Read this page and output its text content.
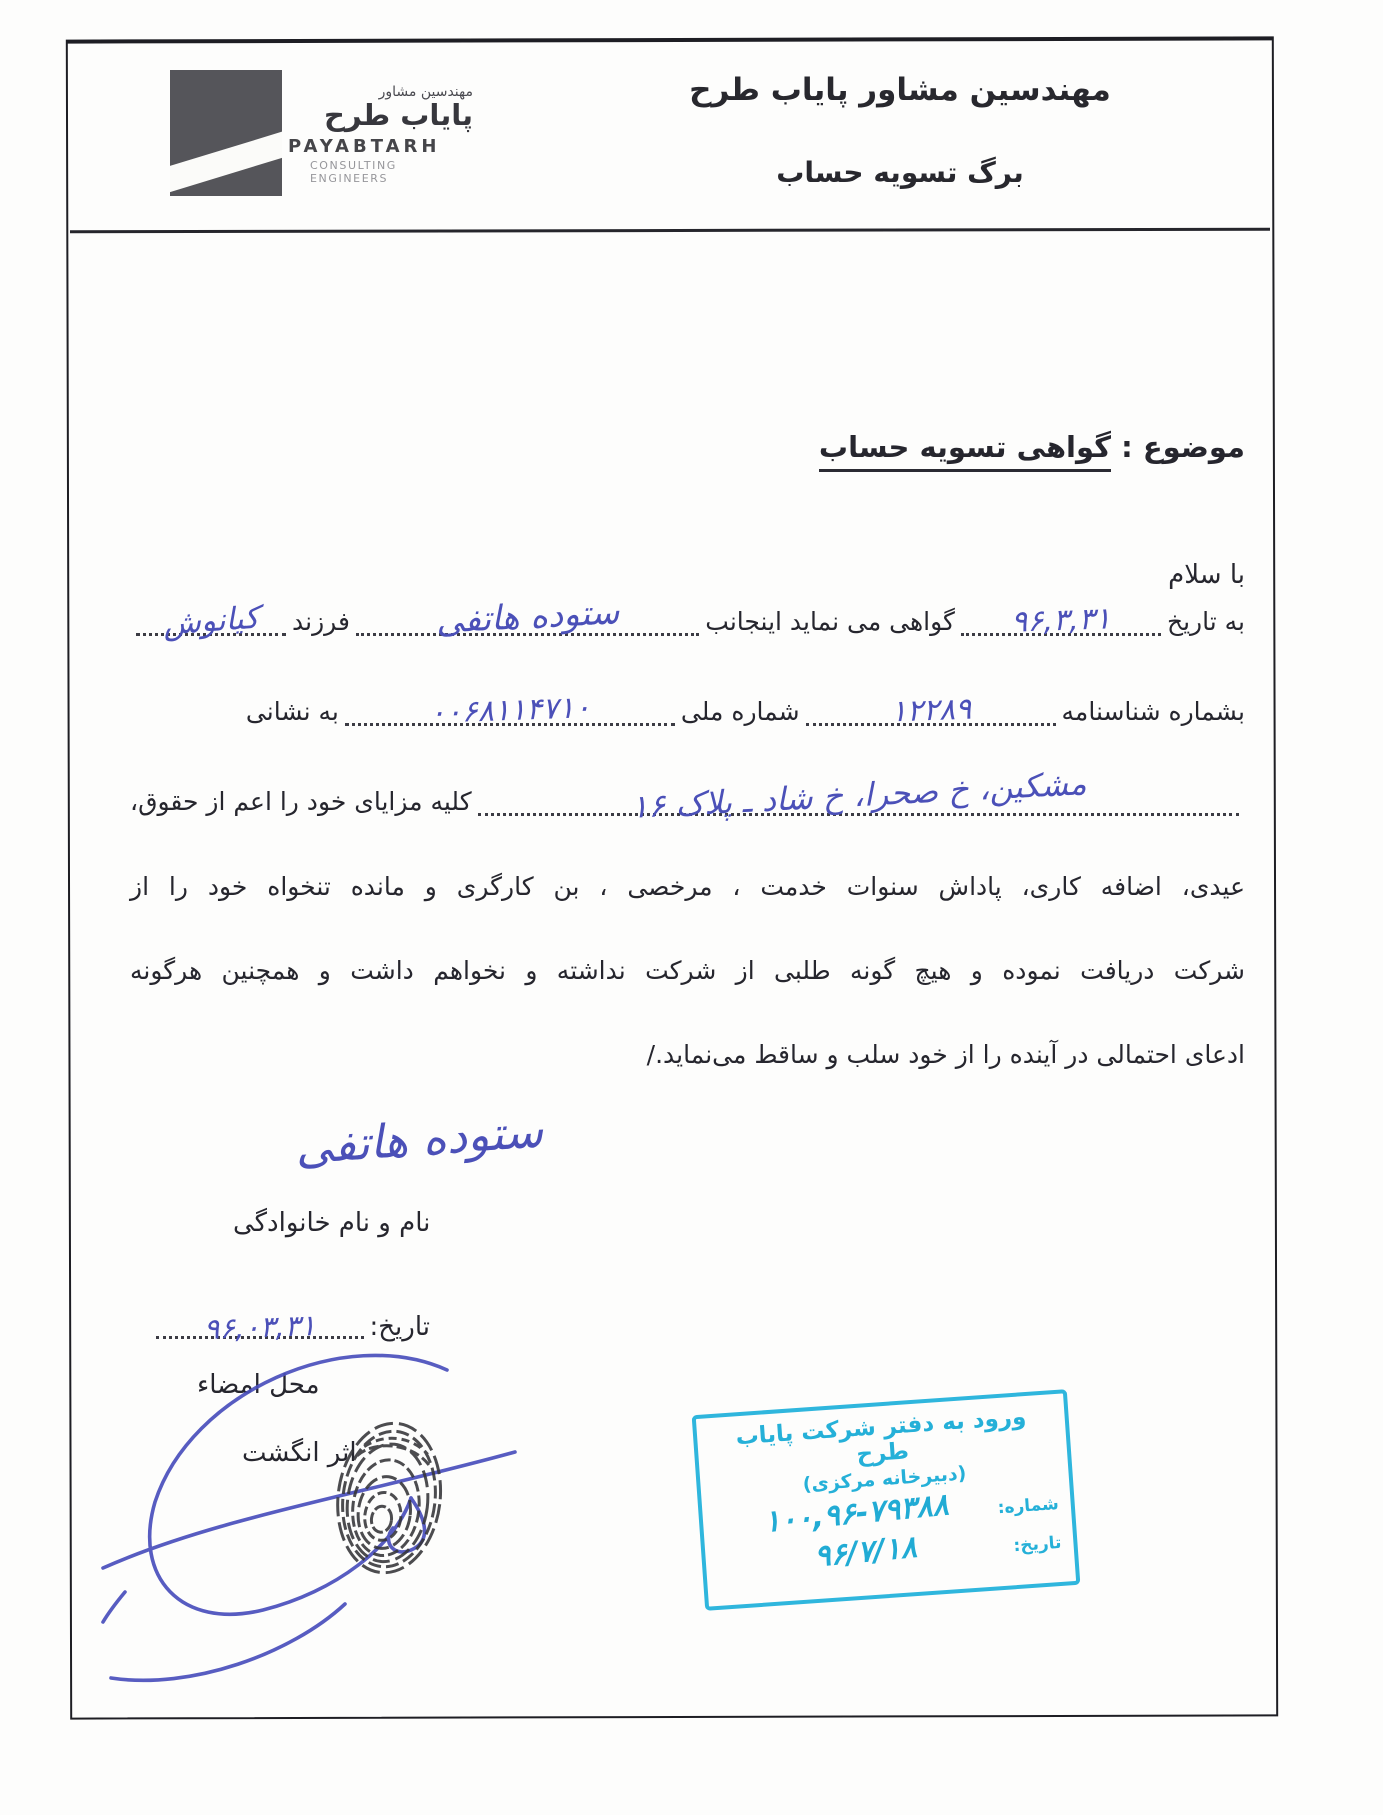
مهندسین مشاور
پایاب طرح
PAYABTARH
CONSULTING ENGINEERS
مهندسین مشاور پایاب طرح
برگ تسویه حساب
موضوع : گواهی تسویه حساب
با سلام
به تاریخ
۹۶,۳,۳۱
گواهی می نماید اینجانب
ستوده هاتفی
فرزند
کیانوش
بشماره شناسنامه
۱۲۲۸۹
شماره ملی
۰۰۶۸۱۱۴۷۱۰
به نشانی
مشکین، خ صحرا، خ شاد ـ پلاک ۱۶
کلیه مزایای خود را اعم از حقوق،
عیدی، اضافه کاری، پاداش سنوات خدمت ، مرخصی ، بن کارگری و مانده تنخواه خود را از
شرکت دریافت نموده و هیچ گونه طلبی از شرکت نداشته و نخواهم داشت و همچنین هرگونه
ادعای احتمالی در آینده را از خود سلب و ساقط می‌نماید./
ستوده هاتفی
نام و نام خانوادگی
تاریخ:
۹۶,۰۳,۳۱
محل امضاء
اثر انگشت
ورود به دفتر شرکت پایاب طرح
(دبیرخانه مرکزی)
شماره:
۱۰۰,۹۶-۷۹۳۸۸
تاریخ:
۹۶/۷/۱۸
